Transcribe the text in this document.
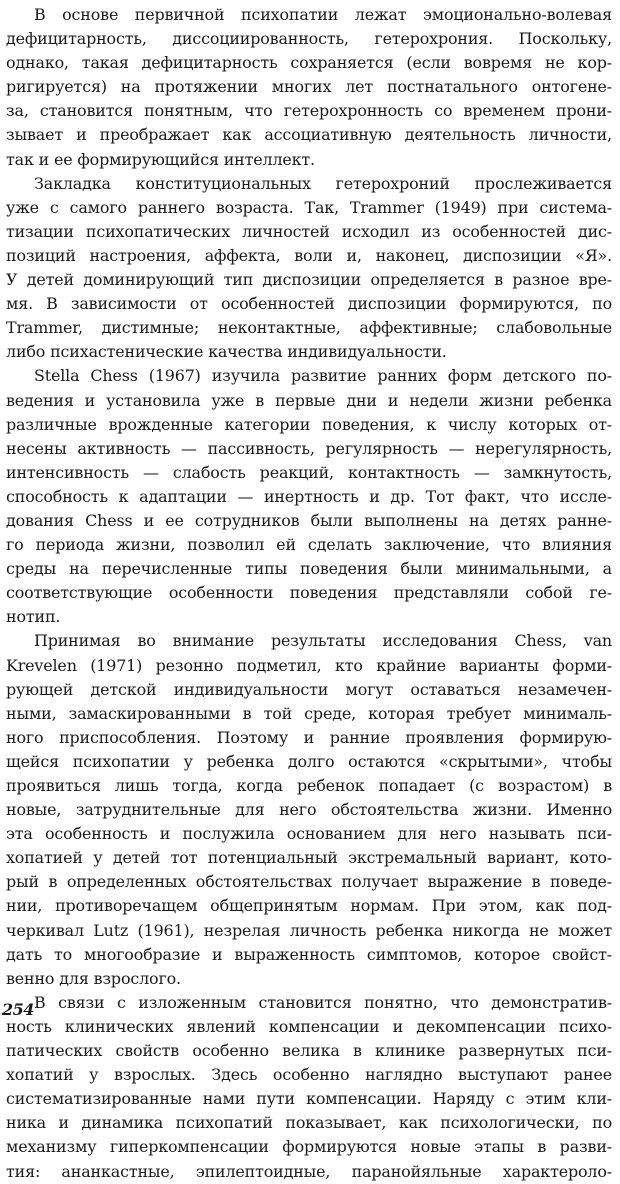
В основе первичной психопатии лежат эмоционально-волевая
дефицитарность, диссоциированность, гетерохрония. Поскольку,
однако, такая дефицитарность сохраняется (если вовремя не кор-
ригируется) на протяжении многих лет постнатального онтогене-
за, становится понятным, что гетерохронность со временем прони-
зывает и преображает как ассоциативную деятельность личности,
так и ее формирующийся интеллект.
Закладка конституциональных гетерохроний прослеживается
уже с самого раннего возраста. Так, Trammer (1949) при система-
тизации психопатических личностей исходил из особенностей дис-
позиций настроения, аффекта, воли и, наконец, диспозиции «Я».
У детей доминирующий тип диспозиции определяется в разное вре-
мя. В зависимости от особенностей диспозиции формируются, по
Trammer, дистимные; неконтактные, аффективные; слабовольные
либо психастенические качества индивидуальности.
Stella Chess (1967) изучила развитие ранних форм детского по-
ведения и установила уже в первые дни и недели жизни ребенка
различные врожденные категории поведения, к числу которых от-
несены активность — пассивность, регулярность — нерегулярность,
интенсивность — слабость реакций, контактность — замкнутость,
способность к адаптации — инертность и др. Тот факт, что иссле-
дования Chess и ее сотрудников были выполнены на детях ранне-
го периода жизни, позволил ей сделать заключение, что влияния
среды на перечисленные типы поведения были минимальными, а
соответствующие особенности поведения представляли собой ге-
нотип.
Принимая во внимание результаты исследования Chess, van
Krevelen (1971) резонно подметил, кто крайние варианты форми-
рующей детской индивидуальности могут оставаться незамечен-
ными, замаскированными в той среде, которая требует минималь-
ного приспособления. Поэтому и ранние проявления формирую-
щейся психопатии у ребенка долго остаются «скрытыми», чтобы
проявиться лишь тогда, когда ребенок попадает (с возрастом) в
новые, затруднительные для него обстоятельства жизни. Именно
эта особенность и послужила основанием для него называть пси-
хопатией у детей тот потенциальный экстремальный вариант, кото-
рый в определенных обстоятельствах получает выражение в поведе-
нии, противоречащем общепринятым нормам. При этом, как под-
черкивал Lutz (1961), незрелая личность ребенка никогда не может
дать то многообразие и выраженность симптомов, которое свойст-
венно для взрослого.
В связи с изложенным становится понятно, что демонстратив-
ность клинических явлений компенсации и декомпенсации психо-
патических свойств особенно велика в клинике развернутых пси-
хопатий у взрослых. Здесь особенно наглядно выступают ранее
систематизированные нами пути компенсации. Наряду с этим кли-
ника и динамика психопатий показывает, как психологически, по
механизму гиперкомпенсации формируются новые этапы в разви-
тия: ананкастные, эпилептоидные, паранойяльные характероло-
254
